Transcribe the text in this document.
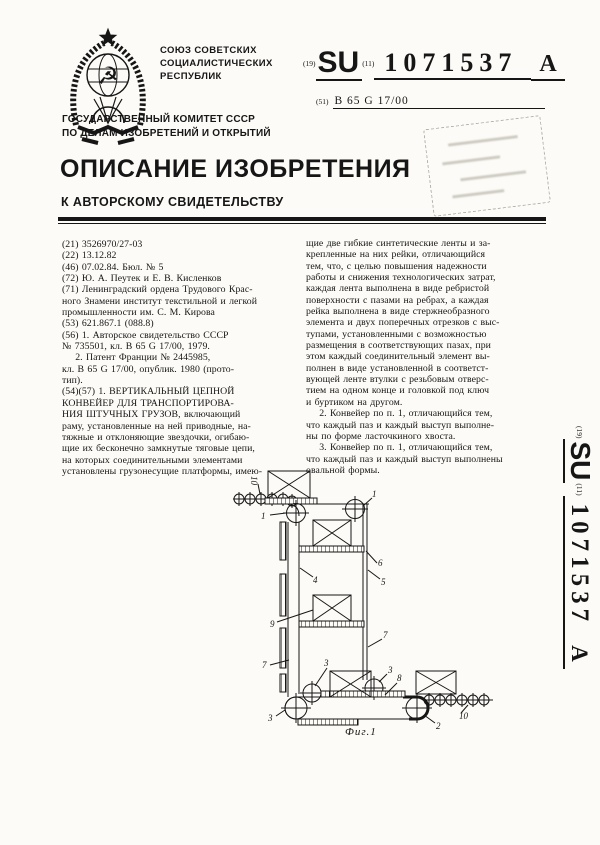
☭
СОЮЗ СОВЕТСКИХ
СОЦИАЛИСТИЧЕСКИХ
РЕСПУБЛИК
(19)SU (11) 1071537 A
(51) B 65 G 17/00
ГОСУДАРСТВЕННЫЙ КОМИТЕТ СССР
ПО ДЕЛАМ ИЗОБРЕТЕНИЙ И ОТКРЫТИЙ
ОПИСАНИЕ ИЗОБРЕТЕНИЯ
К АВТОРСКОМУ СВИДЕТЕЛЬСТВУ
(21) 3526970/27-03
(22) 13.12.82
(46) 07.02.84. Бюл. № 5
(72) Ю. А. Пеутек и Е. В. Кисленков
(71) Ленинградский ордена Трудового Крас-
ного Знамени институт текстильной и легкой
промышленности им. С. М. Кирова
(53) 621.867.1 (088.8)
(56) 1. Авторское свидетельство СССР
№ 735501, кл. B 65 G 17/00, 1979.
2. Патент Франции № 2445985,
кл. B 65 G 17/00, опублик. 1980 (прото-
тип).
(54)(57) 1. ВЕРТИКАЛЬНЫЙ ЦЕПНОЙ
КОНВЕЙЕР ДЛЯ ТРАНСПОРТИРОВА-
НИЯ ШТУЧНЫХ ГРУЗОВ, включающий
раму, установленные на ней приводные, на-
тяжные и отклоняющие звездочки, огибаю-
щие их бесконечно замкнутые тяговые цепи,
на которых соединительными элементами
установлены грузонесущие платформы, имею-
щие две гибкие синтетические ленты и за-
крепленные на них рейки, отличающийся
тем, что, с целью повышения надежности
работы и снижения технологических затрат,
каждая лента выполнена в виде ребристой
поверхности с пазами на ребрах, а каждая
рейка выполнена в виде стержнеобразного
элемента и двух поперечных отрезков с выс-
тупами, установленными с возможностью
размещения в соответствующих пазах, при
этом каждый соединительный элемент вы-
полнен в виде установленной в соответст-
вующей ленте втулки с резьбовым отверс-
тием на одном конце и головкой под ключ
и буртиком на другом.
2. Конвейер по п. 1, отличающийся тем,
что каждый паз и каждый выступ выполне-
ны по форме ласточкиного хвоста.
3. Конвейер по п. 1, отличающийся тем,
что каждый паз и каждый выступ выполнены
овальной формы.
10
1
1
4
6
5
9
7
7	3
3
3
2
8
10
Фиг.1
(19)SU(11)1071537A
